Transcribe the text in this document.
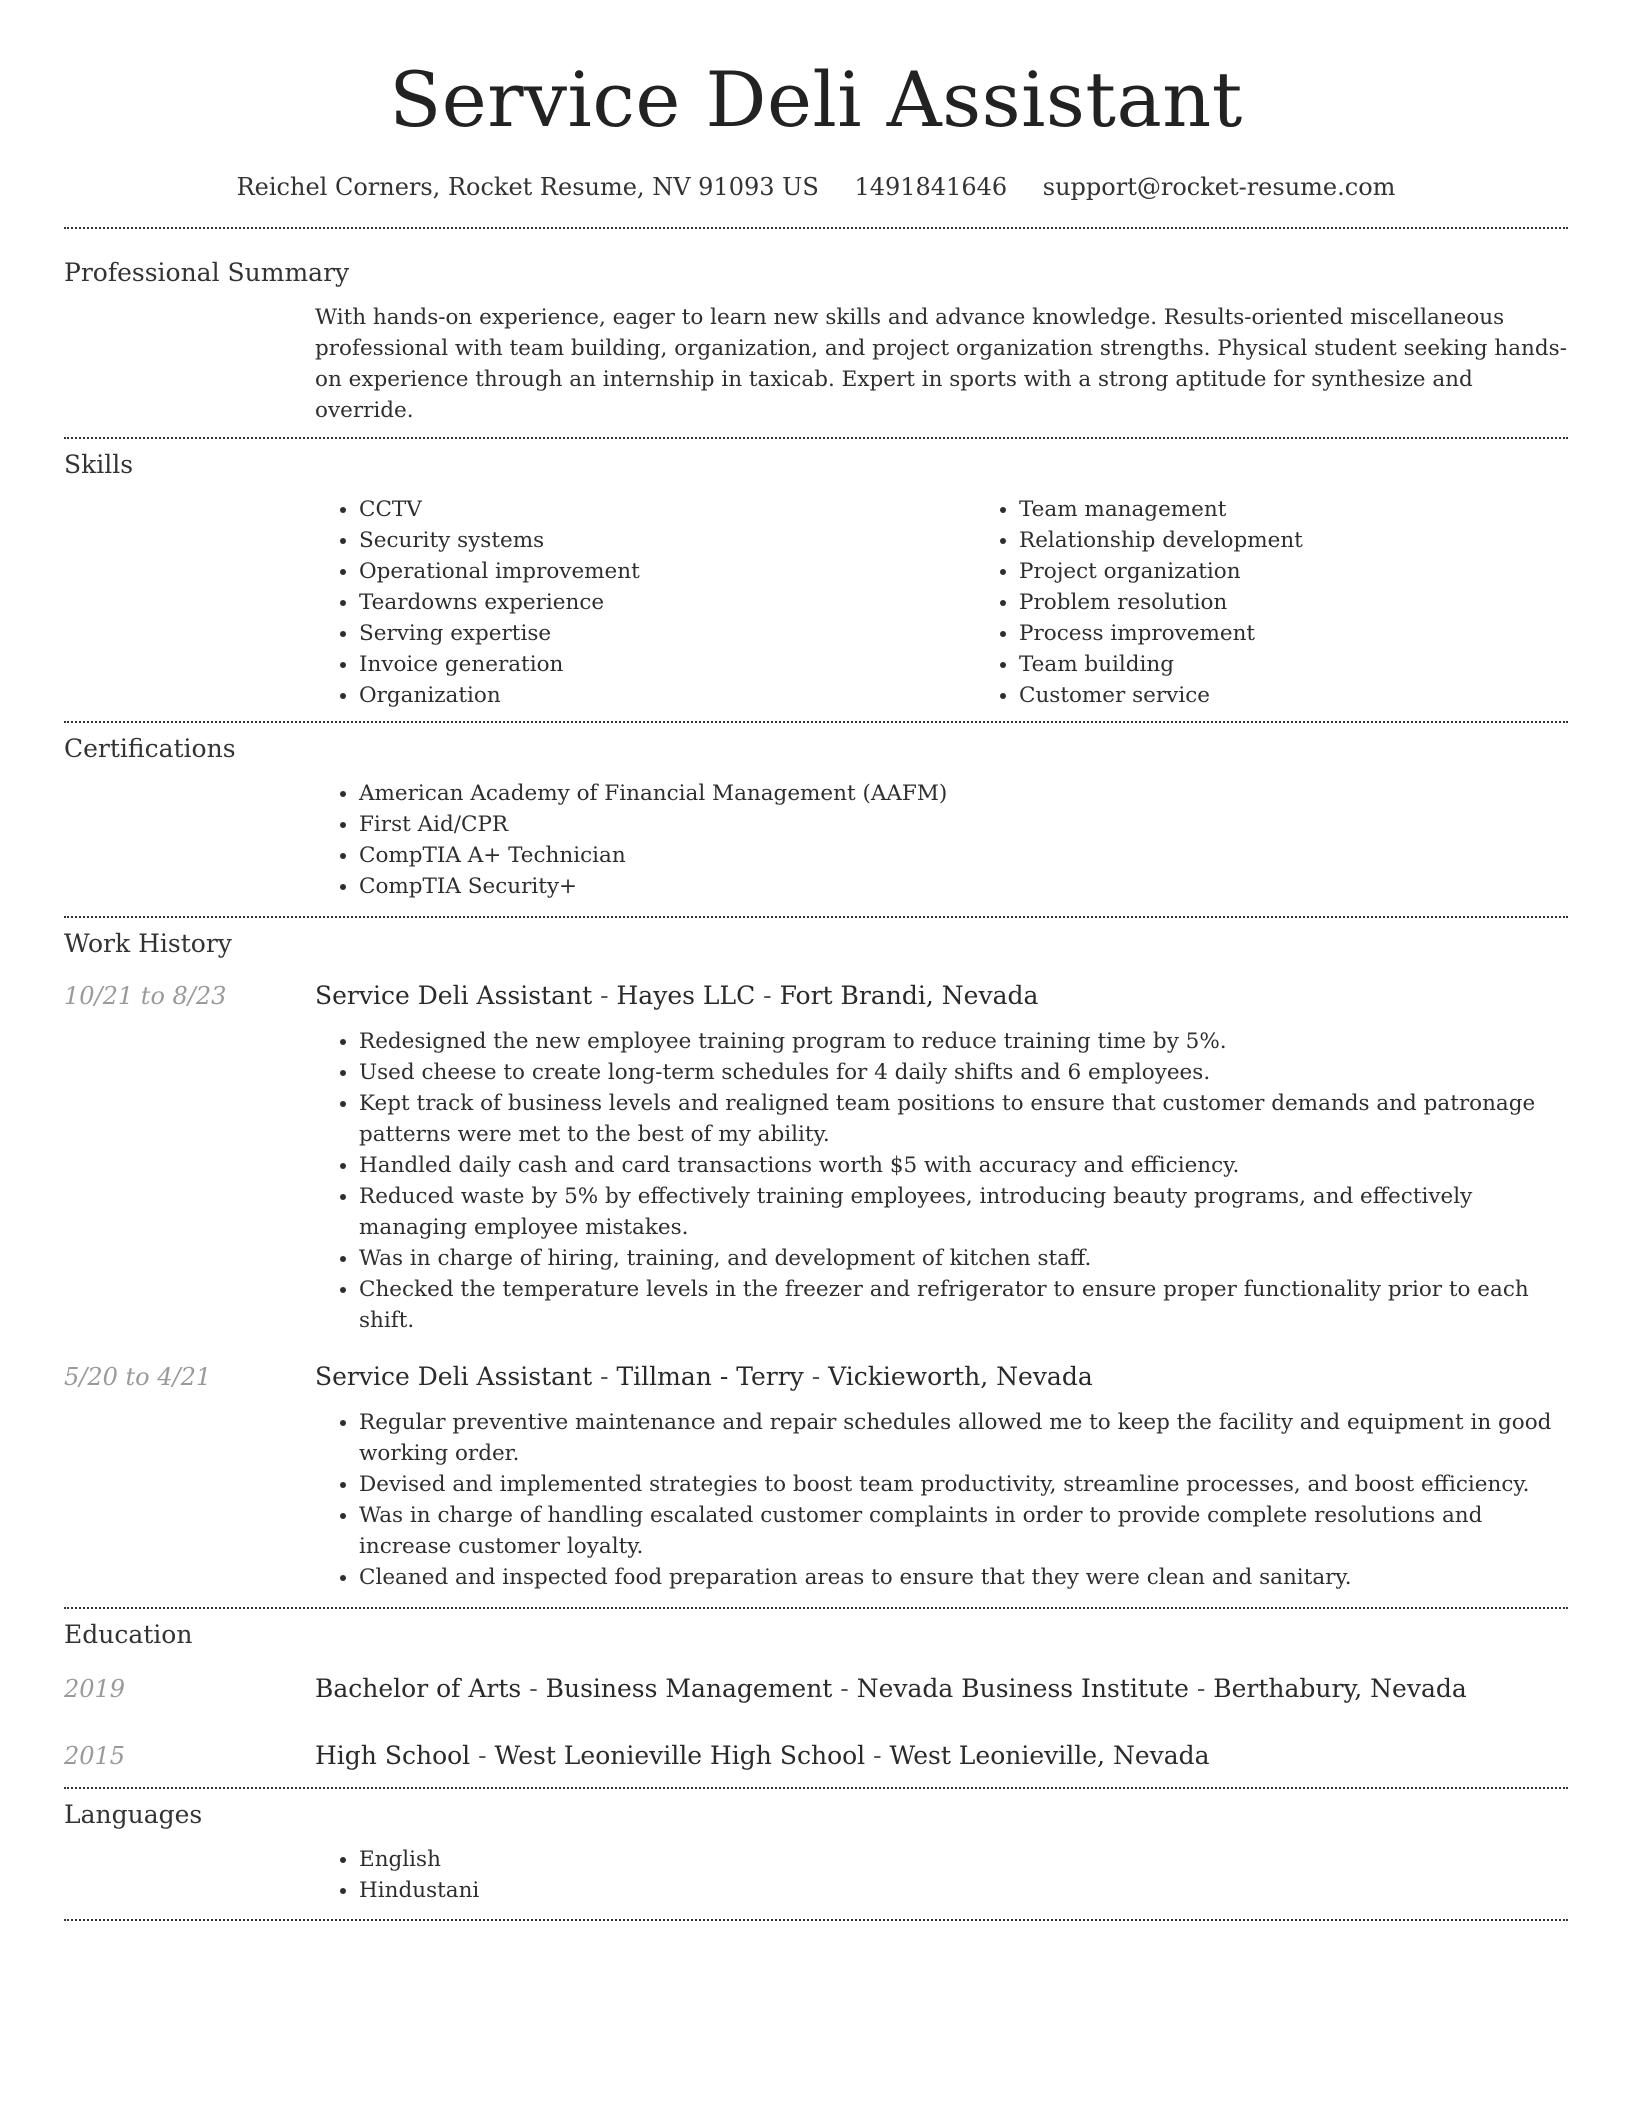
Service Deli Assistant
Reichel Corners, Rocket Resume, NV 91093 US 1491841646 support@rocket-resume.com
Professional Summary
With hands-on experience, eager to learn new skills and advance knowledge. Results-oriented miscellaneous professional with team building, organization, and project organization strengths. Physical student seeking hands-on experience through an internship in taxicab. Expert in sports with a strong aptitude for synthesize and override.
Skills
• CCTV
• Security systems
• Operational improvement
• Teardowns experience
• Serving expertise
• Invoice generation
• Organization
• Team management
• Relationship development
• Project organization
• Problem resolution
• Process improvement
• Team building
• Customer service
Certifications
• American Academy of Financial Management (AAFM)
• First Aid/CPR
• CompTIA A+ Technician
• CompTIA Security+
Work History
10/21 to 8/23	Service Deli Assistant - Hayes LLC - Fort Brandi, Nevada
• Redesigned the new employee training program to reduce training time by 5%.
• Used cheese to create long-term schedules for 4 daily shifts and 6 employees.
• Kept track of business levels and realigned team positions to ensure that customer demands and patronage patterns were met to the best of my ability.
• Handled daily cash and card transactions worth $5 with accuracy and efficiency.
• Reduced waste by 5% by effectively training employees, introducing beauty programs, and effectively managing employee mistakes.
• Was in charge of hiring, training, and development of kitchen staff.
• Checked the temperature levels in the freezer and refrigerator to ensure proper functionality prior to each shift.
5/20 to 4/21	Service Deli Assistant - Tillman - Terry - Vickieworth, Nevada
• Regular preventive maintenance and repair schedules allowed me to keep the facility and equipment in good working order.
• Devised and implemented strategies to boost team productivity, streamline processes, and boost efficiency.
• Was in charge of handling escalated customer complaints in order to provide complete resolutions and increase customer loyalty.
• Cleaned and inspected food preparation areas to ensure that they were clean and sanitary.
Education
2019	Bachelor of Arts - Business Management - Nevada Business Institute - Berthabury, Nevada
2015	High School - West Leonieville High School - West Leonieville, Nevada
Languages
• English
• Hindustani
